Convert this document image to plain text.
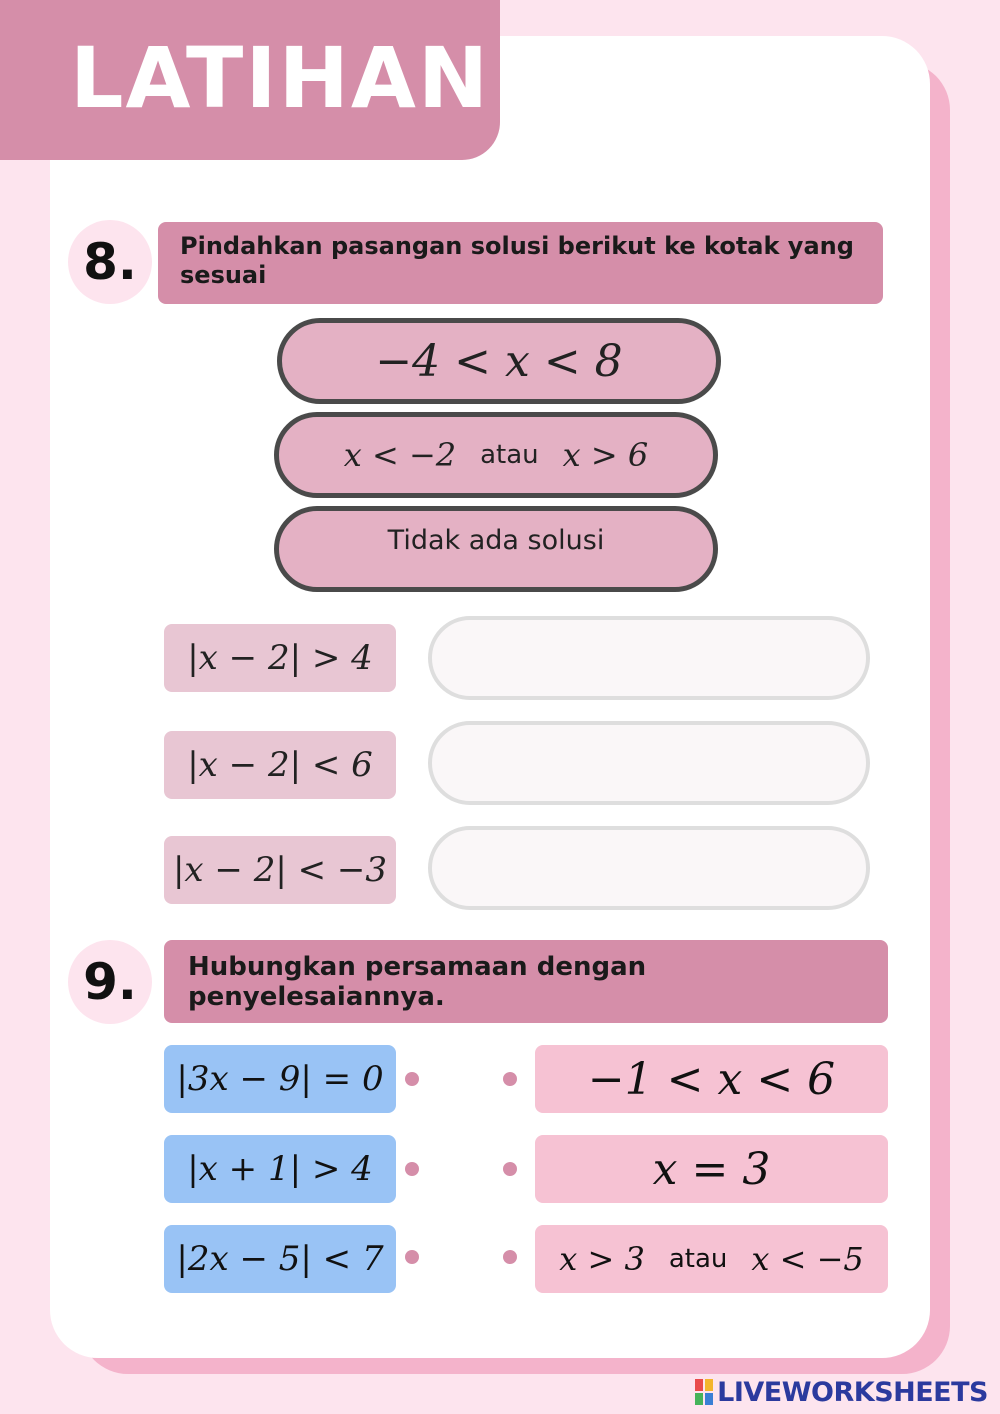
LATIHAN
8.	Pindahkan pasangan solusi berikut ke kotak yang sesuai
−4 < x < 8
x < −2 atau x > 6
Tidak ada solusi
|x − 2| > 4
|x − 2| < 6
|x − 2| < −3
9.	Hubungkan persamaan dengan penyelesaiannya.
|3x − 9| = 0	−1 < x < 6
|x + 1| > 4	x = 3
|2x − 5| < 7	x > 3 atau x < −5
LIVEWORKSHEETS
